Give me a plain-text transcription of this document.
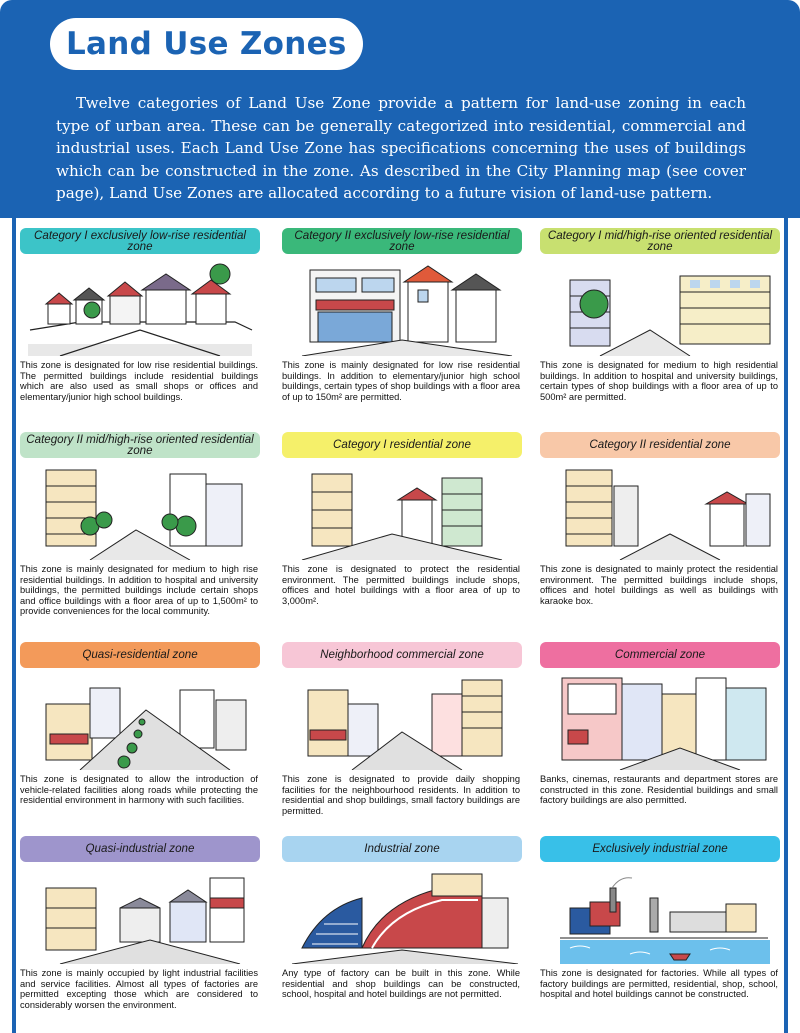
Land Use Zones
Twelve categories of Land Use Zone provide a pattern for land-use zoning in each type of urban area. These can be generally categorized into residential, commercial and industrial uses. Each Land Use Zone has specifications concerning the uses of buildings which can be constructed in the zone. As described in the City Planning map (see cover page), Land Use Zones are allocated according to a future vision of land-use pattern.
Category I exclusively low-rise residential zone
This zone is designated for low rise residential buildings. The permitted buildings include residential buildings which are also used as small shops or offices and elementary/junior high school buildings.
Category II exclusively low-rise residential zone
This zone is mainly designated for low rise residential buildings. In addition to elementary/junior high school buildings, certain types of shop buildings with a floor area of up to 150m² are permitted.
Category I mid/high-rise oriented residential zone
This zone is designated for medium to high residential buildings. In addition to hospital and university buildings, certain types of shop buildings with a floor area of up to 500m² are permitted.
Category II mid/high-rise oriented residential zone
This zone is mainly designated for medium to high rise residential buildings. In addition to hospital and university buildings, the permitted buildings include certain shops and office buildings with a floor area of up to 1,500m² to provide conveniences for the local community.
Category I residential zone
This zone is designated to protect the residential environment. The permitted buildings include shops, offices and hotel buildings with a floor area of up to 3,000m².
Category II residential zone
This zone is designated to mainly protect the residential environment. The permitted buildings include shops, offices and hotel buildings as well as buildings with karaoke box.
Quasi-residential zone
This zone is designated to allow the introduction of vehicle-related facilities along roads while protecting the residential environment in harmony with such facilities.
Neighborhood commercial zone
This zone is designated to provide daily shopping facilities for the neighbourhood residents. In addition to residential and shop buildings, small factory buildings are permitted.
Commercial zone
Banks, cinemas, restaurants and department stores are constructed in this zone. Residential buildings and small factory buildings are also permitted.
Quasi-industrial zone
This zone is mainly occupied by light industrial facilities and service facilities. Almost all types of factories are permitted excepting those which are considered to considerably worsen the environment.
Industrial zone
Any type of factory can be built in this zone. While residential and shop buildings can be constructed, school, hospital and hotel buildings are not permitted.
Exclusively industrial zone
This zone is designated for factories. While all types of factory buildings are permitted, residential, shop, school, hospital and hotel buildings cannot be constructed.
